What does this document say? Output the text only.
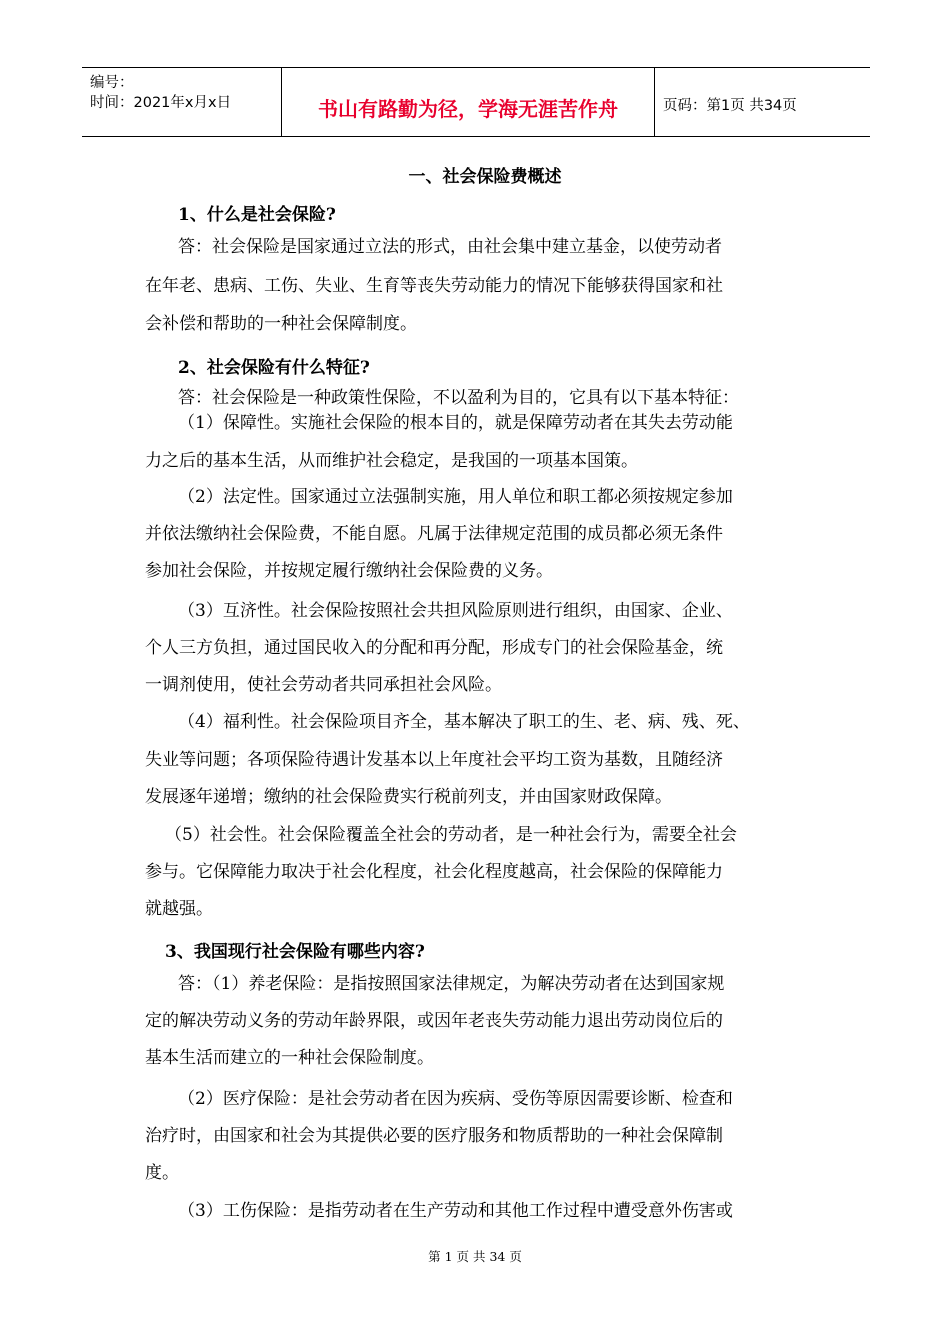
编号：
时间：2021年x月x日	书山有路勤为径，学海无涯苦作舟	页码：第1页 共34页
一、社会保险费概述
1、什么是社会保险?
答：社会保险是国家通过立法的形式，由社会集中建立基金，以使劳动者
在年老、患病、工伤、失业、生育等丧失劳动能力的情况下能够获得国家和社
会补偿和帮助的一种社会保障制度。
2、社会保险有什么特征?
答：社会保险是一种政策性保险，不以盈利为目的，它具有以下基本特征：
（1）保障性。实施社会保险的根本目的，就是保障劳动者在其失去劳动能
力之后的基本生活，从而维护社会稳定，是我国的一项基本国策。
（2）法定性。国家通过立法强制实施，用人单位和职工都必须按规定参加
并依法缴纳社会保险费，不能自愿。凡属于法律规定范围的成员都必须无条件
参加社会保险，并按规定履行缴纳社会保险费的义务。
（3）互济性。社会保险按照社会共担风险原则进行组织，由国家、企业、
个人三方负担，通过国民收入的分配和再分配，形成专门的社会保险基金，统
一调剂使用，使社会劳动者共同承担社会风险。
（4）福利性。社会保险项目齐全，基本解决了职工的生、老、病、残、死、
失业等问题；各项保险待遇计发基本以上年度社会平均工资为基数，且随经济
发展逐年递增；缴纳的社会保险费实行税前列支，并由国家财政保障。
（5）社会性。社会保险覆盖全社会的劳动者，是一种社会行为，需要全社会
参与。它保障能力取决于社会化程度，社会化程度越高，社会保险的保障能力
就越强。
3、我国现行社会保险有哪些内容?
答：（1）养老保险：是指按照国家法律规定，为解决劳动者在达到国家规
定的解决劳动义务的劳动年龄界限，或因年老丧失劳动能力退出劳动岗位后的
基本生活而建立的一种社会保险制度。
（2）医疗保险：是社会劳动者在因为疾病、受伤等原因需要诊断、检查和
治疗时，由国家和社会为其提供必要的医疗服务和物质帮助的一种社会保障制
度。
（3）工伤保险：是指劳动者在生产劳动和其他工作过程中遭受意外伤害或
第 1 页 共 34 页
